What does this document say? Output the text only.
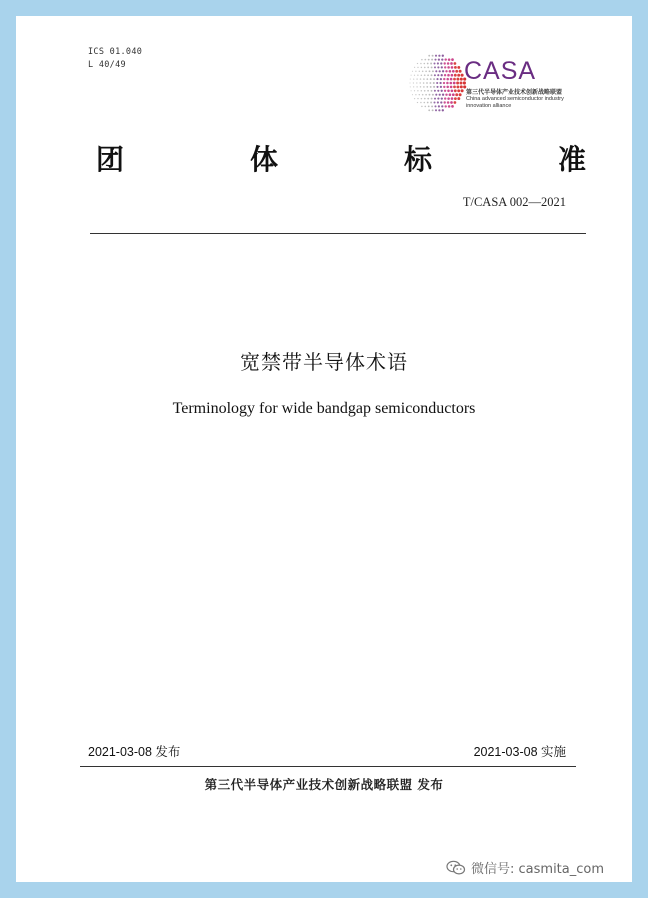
ICS 01.040
L 40/49	CASA
第三代半导体产业技术创新战略联盟
China advanced semiconductor industry innovation alliance
团	体	标	准
T/CASA 002—2021
宽禁带半导体术语
Terminology for wide bandgap semiconductors
2021-03-08 发布	2021-03-08 实施
第三代半导体产业技术创新战略联盟 发布
微信号: casmita_com
